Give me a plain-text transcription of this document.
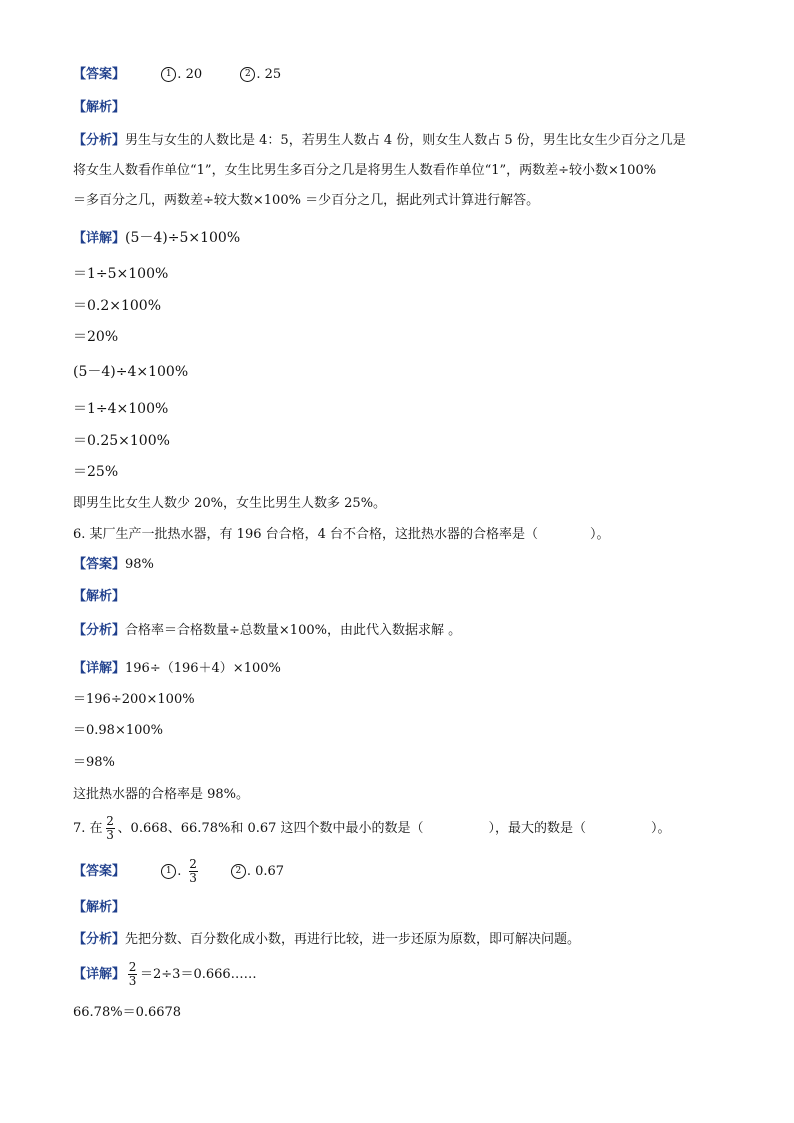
【答案】	1 . 20	2 . 25
【解析】
【分析】男生与女生的人数比是 4：5，若男生人数占 4 份，则女生人数占 5 份，男生比女生少百分之几是
将女生人数看作单位“1”，女生比男生多百分之几是将男生人数看作单位“1”，两数差÷较小数×100%
＝多百分之几，两数差÷较大数×100% ＝少百分之几，据此列式计算进行解答。
【详解】(5－4)÷5×100%
＝1÷5×100%
＝0.2×100%
＝20%
(5－4)÷4×100%
＝1÷4×100%
＝0.25×100%
＝25%
即男生比女生人数少 20%，女生比男生人数多 25%。
6. 某厂生产一批热水器，有 196 台合格，4 台不合格，这批热水器的合格率是（　　　　）。
【答案】98%
【解析】
【分析】合格率＝合格数量÷总数量×100%，由此代入数据求解 。
【详解】196÷（196＋4）×100%
＝196÷200×100%
＝0.98×100%
＝98%
这批热水器的合格率是 98%。
7. 在 $\frac{2}{3}$ 、0.668、66.78%和 0.67 这四个数中最小的数是（　　　　　），最大的数是（　　　　　）。
【答案】	1 . $\frac{2}{3}$	2 . 0.67
【解析】
【分析】先把分数、百分数化成小数，再进行比较，进一步还原为原数，即可解决问题。
【详解】 $\frac{2}{3}$ ＝2÷3＝0.666……
66.78%＝0.6678
